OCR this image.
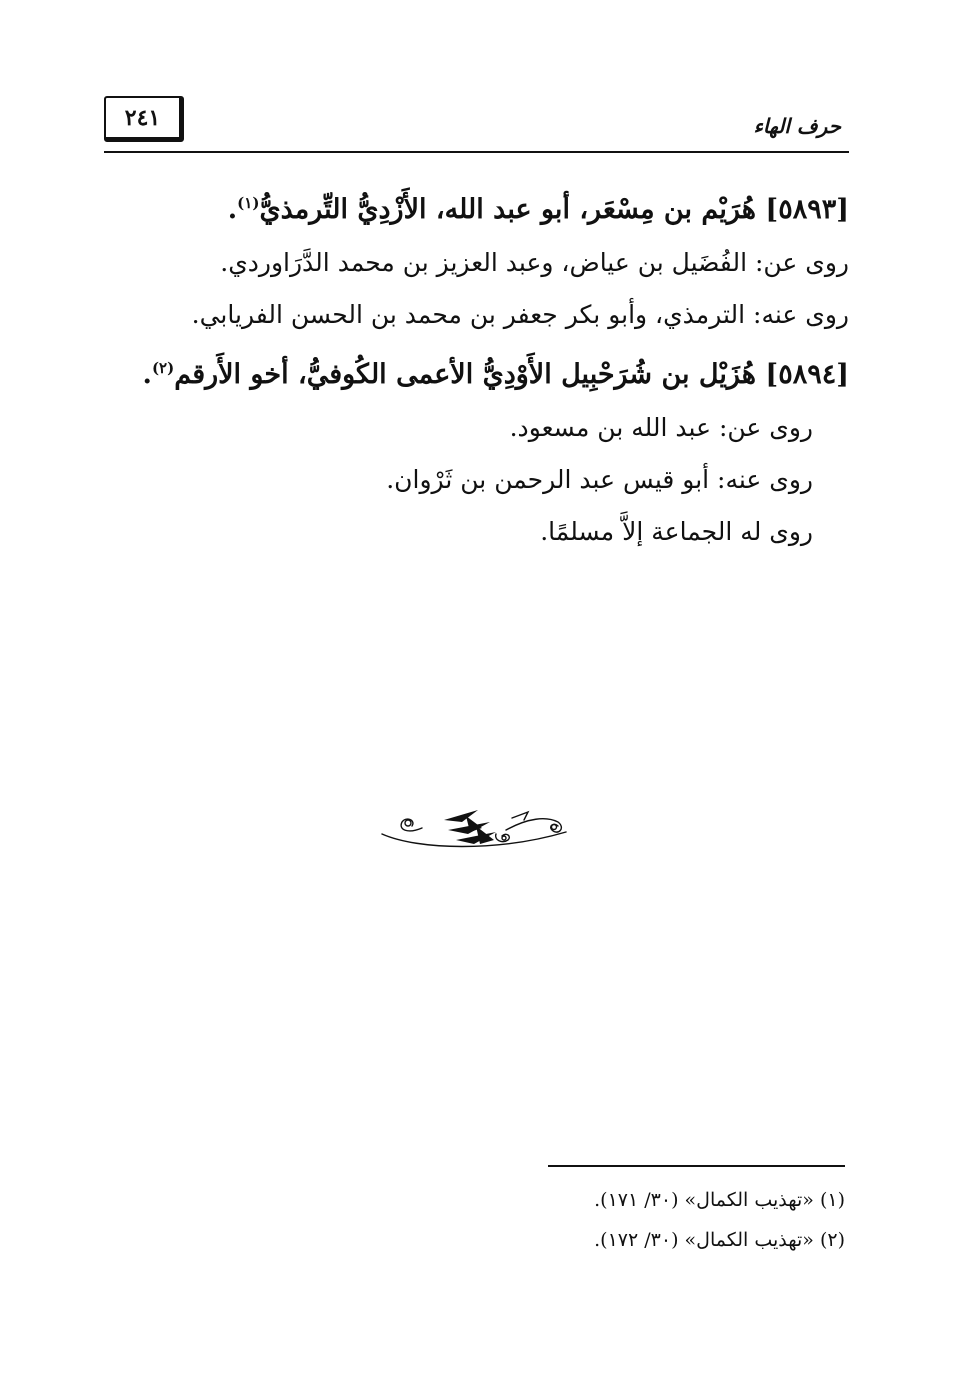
٢٤١	حرف الهاء
[٥٨٩٣] هُرَيْم بن مِسْعَر، أبو عبد الله، الأَزْدِيُّ التِّرمذيُّ$^{(١)}$.
روى عن: الفُضَيل بن عياض، وعبد العزيز بن محمد الدَّرَاوردي.
روى عنه: الترمذي، وأبو بكر جعفر بن محمد بن الحسن الفريابي.
[٥٨٩٤] هُزَيْل بن شُرَحْبِيل الأَوْدِيُّ الأعمى الكُوفيُّ، أخو الأَرقم$^{(٢)}$.
روى عن: عبد الله بن مسعود.
روى عنه: أبو قيس عبد الرحمن بن ثَرْوان.
روى له الجماعة إلاَّ مسلمًا.
(١) «تهذيب الكمال» (٣٠/ ١٧١).
(٢) «تهذيب الكمال» (٣٠/ ١٧٢).
